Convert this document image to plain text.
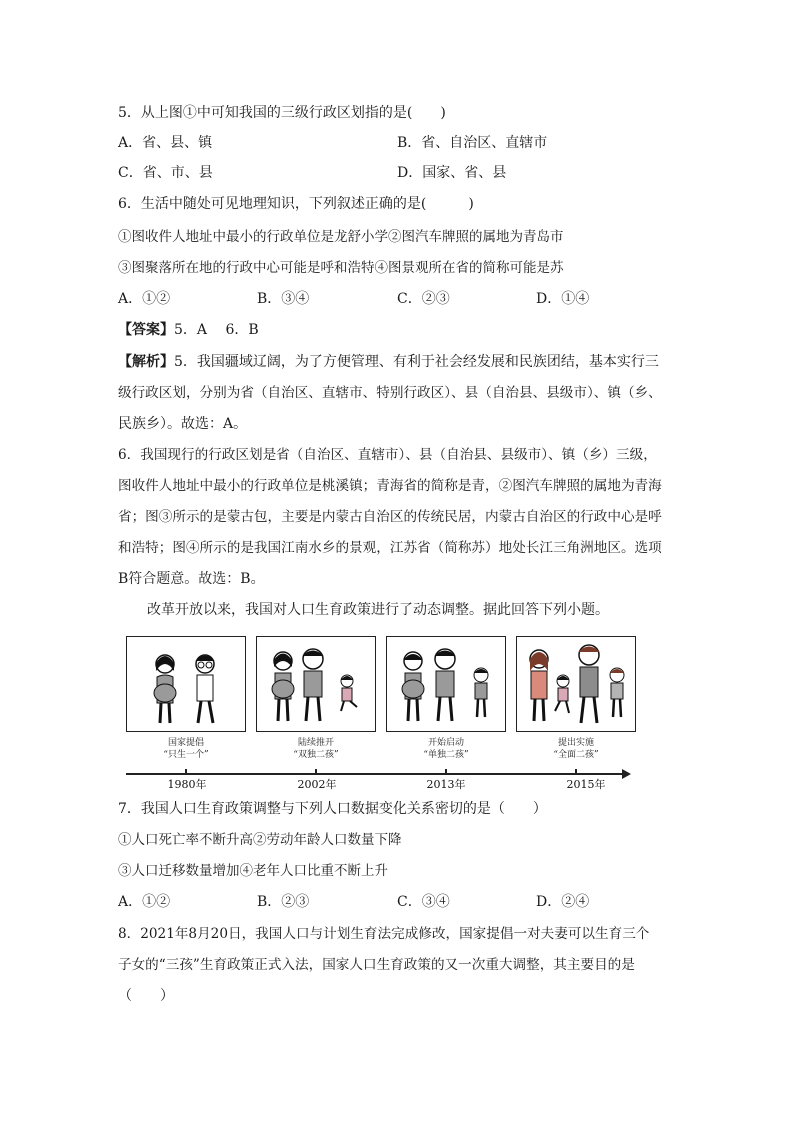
5．从上图①中可知我国的三级行政区划指的是(　　)
A．省、县、镇	B．省、自治区、直辖市
C．省、市、县	D．国家、省、县
6．生活中随处可见地理知识，下列叙述正确的是(　　　)
①图收件人地址中最小的行政单位是龙舒小学②图汽车牌照的属地为青岛市
③图聚落所在地的行政中心可能是呼和浩特④图景观所在省的简称可能是苏
A．①②	B．③④	C．②③	D．①④
【答案】5．A　 6．B
【解析】5．我国疆域辽阔，为了方便管理、有利于社会经发展和民族团结，基本实行三
级行政区划，分别为省（自治区、直辖市、特别行政区）、县（自治县、县级市）、镇（乡、
民族乡）。故选：A。
6．我国现行的行政区划是省（自治区、直辖市）、县（自治县、县级市）、镇（乡）三级，
图收件人地址中最小的行政单位是桃溪镇；青海省的简称是青，②图汽车牌照的属地为青海
省；图③所示的是蒙古包，主要是内蒙古自治区的传统民居，内蒙古自治区的行政中心是呼
和浩特；图④所示的是我国江南水乡的景观，江苏省（简称苏）地处长江三角洲地区。选项
B符合题意。故选：B。
改革开放以来，我国对人口生育政策进行了动态调整。据此回答下列小题。
国家提倡
“只生一个”
陆续推开
“双独二孩”
开始启动
“单独二孩”
提出实施
“全面二孩”
1980年	2002年	2013年	2015年
7．我国人口生育政策调整与下列人口数据变化关系密切的是（　　）
①人口死亡率不断升高②劳动年龄人口数量下降
③人口迁移数量增加④老年人口比重不断上升
A．①②	B．②③	C．③④	D．②④
8．2021年8月20日，我国人口与计划生育法完成修改，国家提倡一对夫妻可以生育三个
子女的“三孩”生育政策正式入法，国家人口生育政策的又一次重大调整，其主要目的是
（　　）
